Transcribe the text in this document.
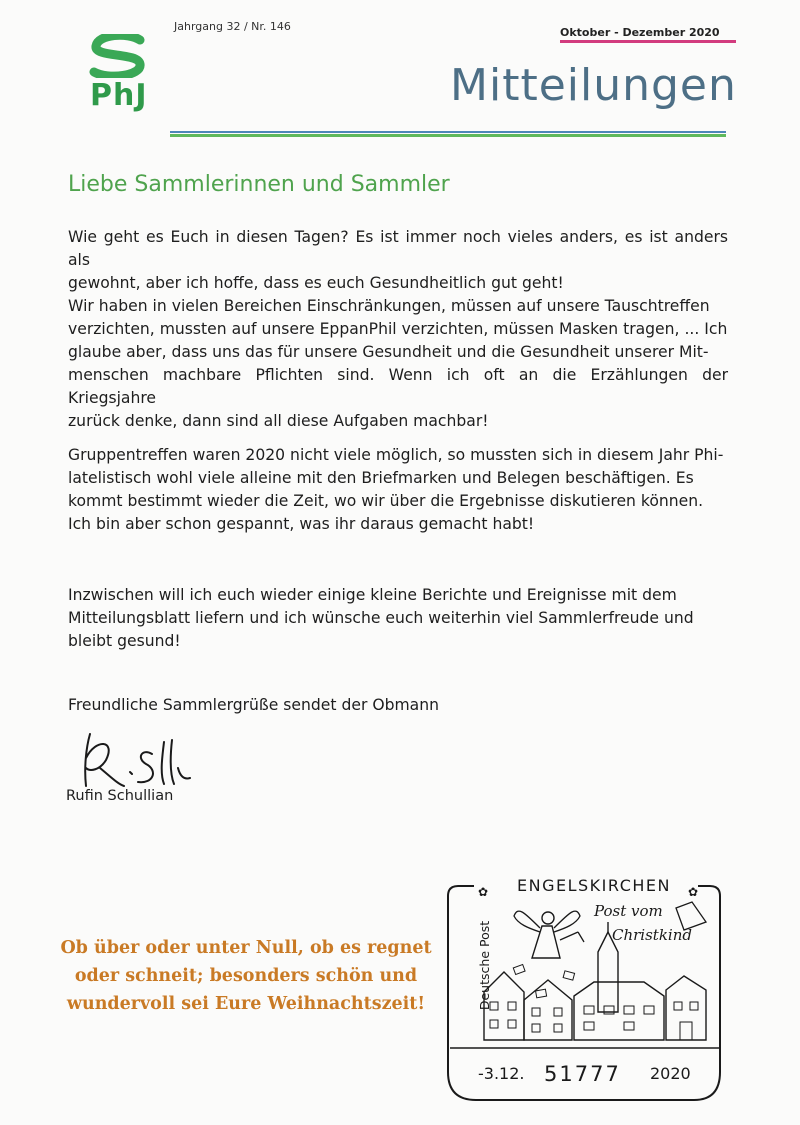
PhJ
Jahrgang 32 / Nr. 146	Oktober - Dezember 2020
Mitteilungen
Liebe Sammlerinnen und Sammler
Wie geht es Euch in diesen Tagen? Es ist immer noch vieles anders, es ist anders als
gewohnt, aber ich hoffe, dass es euch Gesundheitlich gut geht!
Wir haben in vielen Bereichen Einschränkungen, müssen auf unsere Tauschtreffen
verzichten, mussten auf unsere EppanPhil verzichten, müssen Masken tragen, ... Ich
glaube aber, dass uns das für unsere Gesundheit und die Gesundheit unserer Mit-
menschen machbare Pflichten sind. Wenn ich oft an die Erzählungen der Kriegsjahre
zurück denke, dann sind all diese Aufgaben machbar!
Gruppentreffen waren 2020 nicht viele möglich, so mussten sich in diesem Jahr Phi-
latelistisch wohl viele alleine mit den Briefmarken und Belegen beschäftigen. Es
kommt bestimmt wieder die Zeit, wo wir über die Ergebnisse diskutieren können.
Ich bin aber schon gespannt, was ihr daraus gemacht habt!
Inzwischen will ich euch wieder einige kleine Berichte und Ereignisse mit dem
Mitteilungsblatt liefern und ich wünsche euch weiterhin viel Sammlerfreude und
bleibt gesund!
Freundliche Sammlergrüße sendet der Obmann
Rufin Schullian
Ob über oder unter Null, ob es regnet
oder schneit; besonders schön und
wundervoll sei Eure Weihnachtszeit!
✿	✿
ENGELSKIRCHEN
Deutsche Post
Post vom
Christkind
-3.12. 51777 2020
